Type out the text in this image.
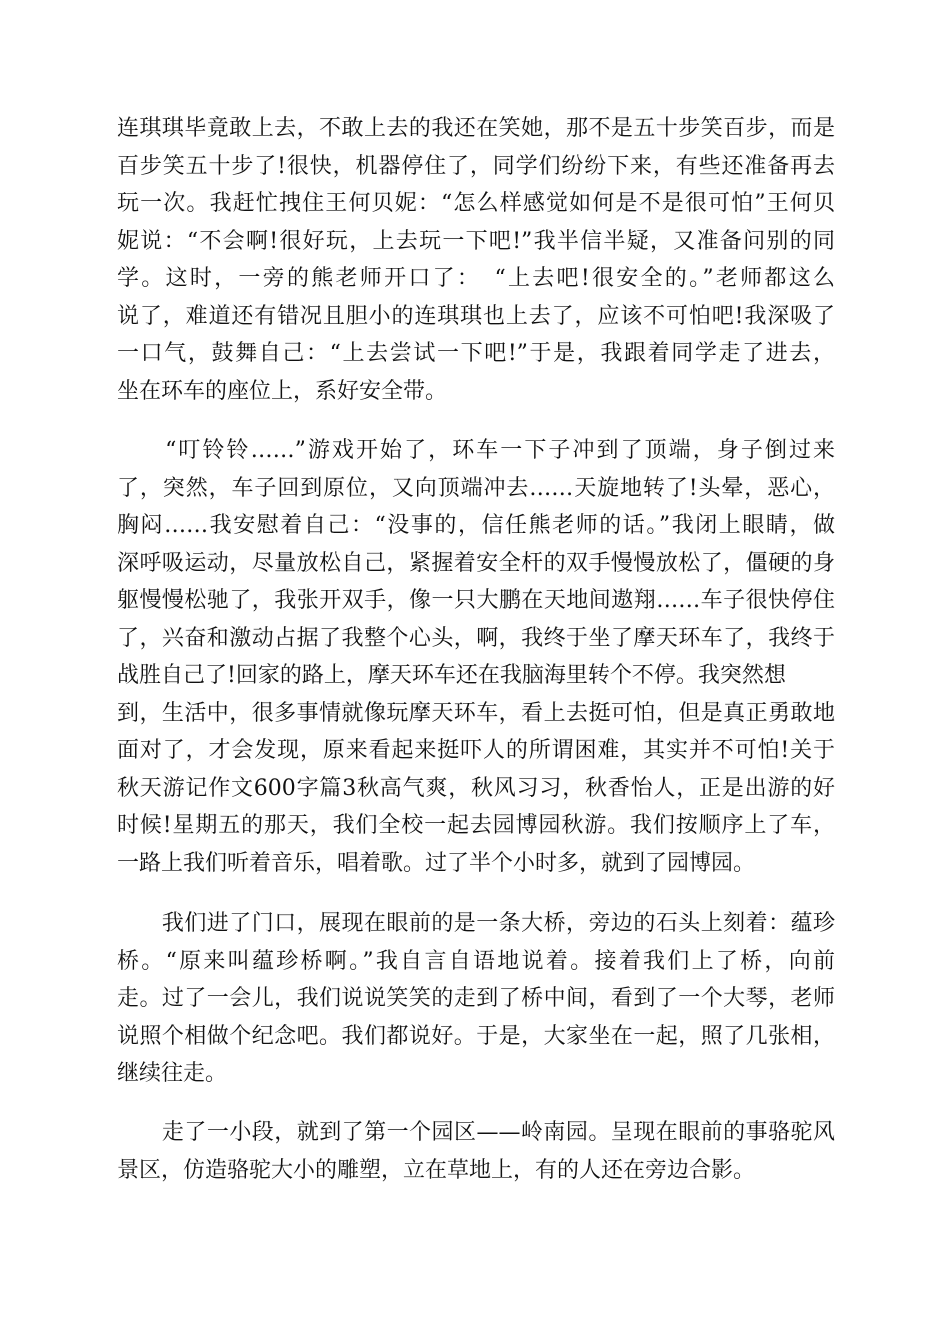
连琪琪毕竟敢上去，不敢上去的我还在笑她，那不是五十步笑百步，而是
百步笑五十步了!很快，机器停住了，同学们纷纷下来，有些还准备再去
玩一次。我赶忙拽住王何贝妮：“怎么样感觉如何是不是很可怕”王何贝
妮说：“不会啊!很好玩，上去玩一下吧!”我半信半疑，又准备问别的同
学。这时，一旁的熊老师开口了：　“上去吧!很安全的。”老师都这么
说了，难道还有错况且胆小的连琪琪也上去了，应该不可怕吧!我深吸了
一口气，鼓舞自己：“上去尝试一下吧!”于是，我跟着同学走了进去，
坐在环车的座位上，系好安全带。
　　“叮铃铃……”游戏开始了，环车一下子冲到了顶端，身子倒过来
了，突然，车子回到原位，又向顶端冲去……天旋地转了!头晕，恶心，
胸闷……我安慰着自己：“没事的，信任熊老师的话。”我闭上眼睛，做
深呼吸运动，尽量放松自己，紧握着安全杆的双手慢慢放松了，僵硬的身
躯慢慢松驰了，我张开双手，像一只大鹏在天地间遨翔……车子很快停住
了，兴奋和激动占据了我整个心头，啊，我终于坐了摩天环车了，我终于
战胜自己了!回家的路上，摩天环车还在我脑海里转个不停。我突然想
到，生活中，很多事情就像玩摩天环车，看上去挺可怕，但是真正勇敢地
面对了，才会发现，原来看起来挺吓人的所谓困难，其实并不可怕!关于
秋天游记作文600字篇3秋高气爽，秋风习习，秋香怡人，正是出游的好
时候!星期五的那天，我们全校一起去园博园秋游。我们按顺序上了车，
一路上我们听着音乐，唱着歌。过了半个小时多，就到了园博园。
　　我们进了门口，展现在眼前的是一条大桥，旁边的石头上刻着：蕴珍
桥。“原来叫蕴珍桥啊。”我自言自语地说着。接着我们上了桥，向前
走。过了一会儿，我们说说笑笑的走到了桥中间，看到了一个大琴，老师
说照个相做个纪念吧。我们都说好。于是，大家坐在一起，照了几张相，
继续往走。
　　走了一小段，就到了第一个园区——岭南园。呈现在眼前的事骆驼风
景区，仿造骆驼大小的雕塑，立在草地上，有的人还在旁边合影。
